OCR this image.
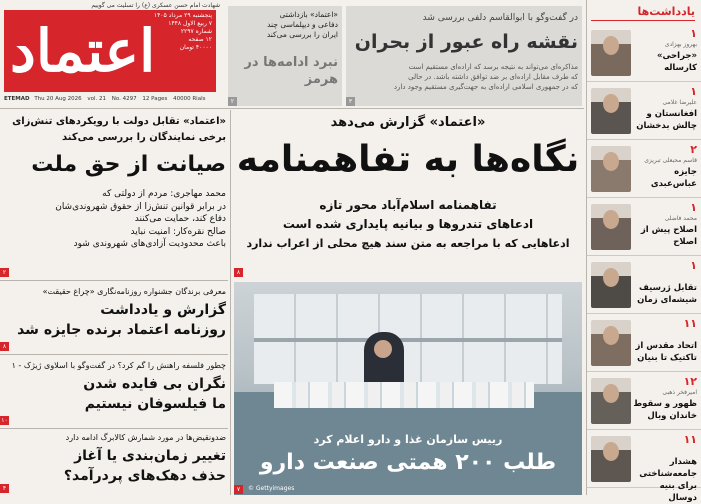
شهادت امام حسن عسکری (ع) را تسلیت می گوییم
اعتماد
پنجشنبه ۲۹ مرداد ۱۴۰۵
۷ ربیع الاول ۱۴۴۸
شماره ۲۲۹۷
۱۲ صفحه
۴۰۰۰۰ تومان
ETEMAD Thu 20 Aug 2026 vol. 21 No. 4297 12 Pages 40000 Rials
«اعتماد» بازداشتی
دفاعی و دیپلماسی چند
ایران را بررسی می‌کند
نبرد ادامه‌ها در هرمز
۲
در گفت‌وگو با ابوالقاسم دلفی بررسی شد
نقشه راه عبور از بحران
مذاکره‌ای می‌تواند به نتیجه برسد که اراده‌ای مستقیم است
که طرف مقابل اراده‌ای بر ضد توافق داشته باشد. در حالی
که در جمهوری اسلامی اراده‌ای به جهت‌گیری مستقیم وجود دارد
۳
یادداشت‌ها
۱
بهروز بهزادی
«جراحی» کارساله
۱
علیرضا غلامی
افغانستان و چالش بدخشان
۲
قاسم محبعلی تبریزی
جایزه عباس‌عبدی
۱
محمد فاضلی
اصلاح پیش از اصلاح
۱
تقابل ژرسیف شیشه‌ای زمان
۱۱
اتحاد مقدس از تاکتیک تا بنیان
۱۲
امیرفخر ذهبی
ظهور و سقوط خاندان وبال
۱۱
هشدار جامعه‌شناختی برای بنیه دوسال
«اعتماد» گزارش می‌دهد
نگاه‌ها به تفاهمنامه
تفاهمنامه اسلام‌آباد محور تازه
ادعاهای تندروها و بیانیه پایداری شده است
ادعاهایی که با مراجعه به متن سند هیچ محلی از اعراب ندارد
۸
رییس سازمان غذا و دارو اعلام کرد
طلب ۲۰۰ همتی صنعت دارو
© Gettyimages
۷
«اعتماد» تقابل دولت با رویکردهای تنش‌زای
برخی نمایندگان را بررسی می‌کند
صیانت از حق ملت
محمد مهاجری: مردم از دولتی که
در برابر قوانین تنش‌زا از حقوق شهروندی‌شان
دفاع کند، حمایت می‌کنند
صالح نقره‌کار: امنیت نباید
باعث محدودیت آزادی‌های شهروندی شود
۲
معرفی برندگان جشنواره روزنامه‌نگاری «چراغ حقیقت»
گزارش و یادداشت
روزنامه اعتماد برنده جایزه شد
۸
چطور فلسفه راهنش را گم کرد؟ در گفت‌وگو با اسلاوی ژیژک - ۱
نگران بی فایده شدن
ما فیلسوفان نیستیم
۱۰
ضدونقیض‌ها در مورد شمارش کالابرگ ادامه دارد
تغییر زمان‌بندی یا آغاز
حذف دهک‌های پردرآمد؟
۴
